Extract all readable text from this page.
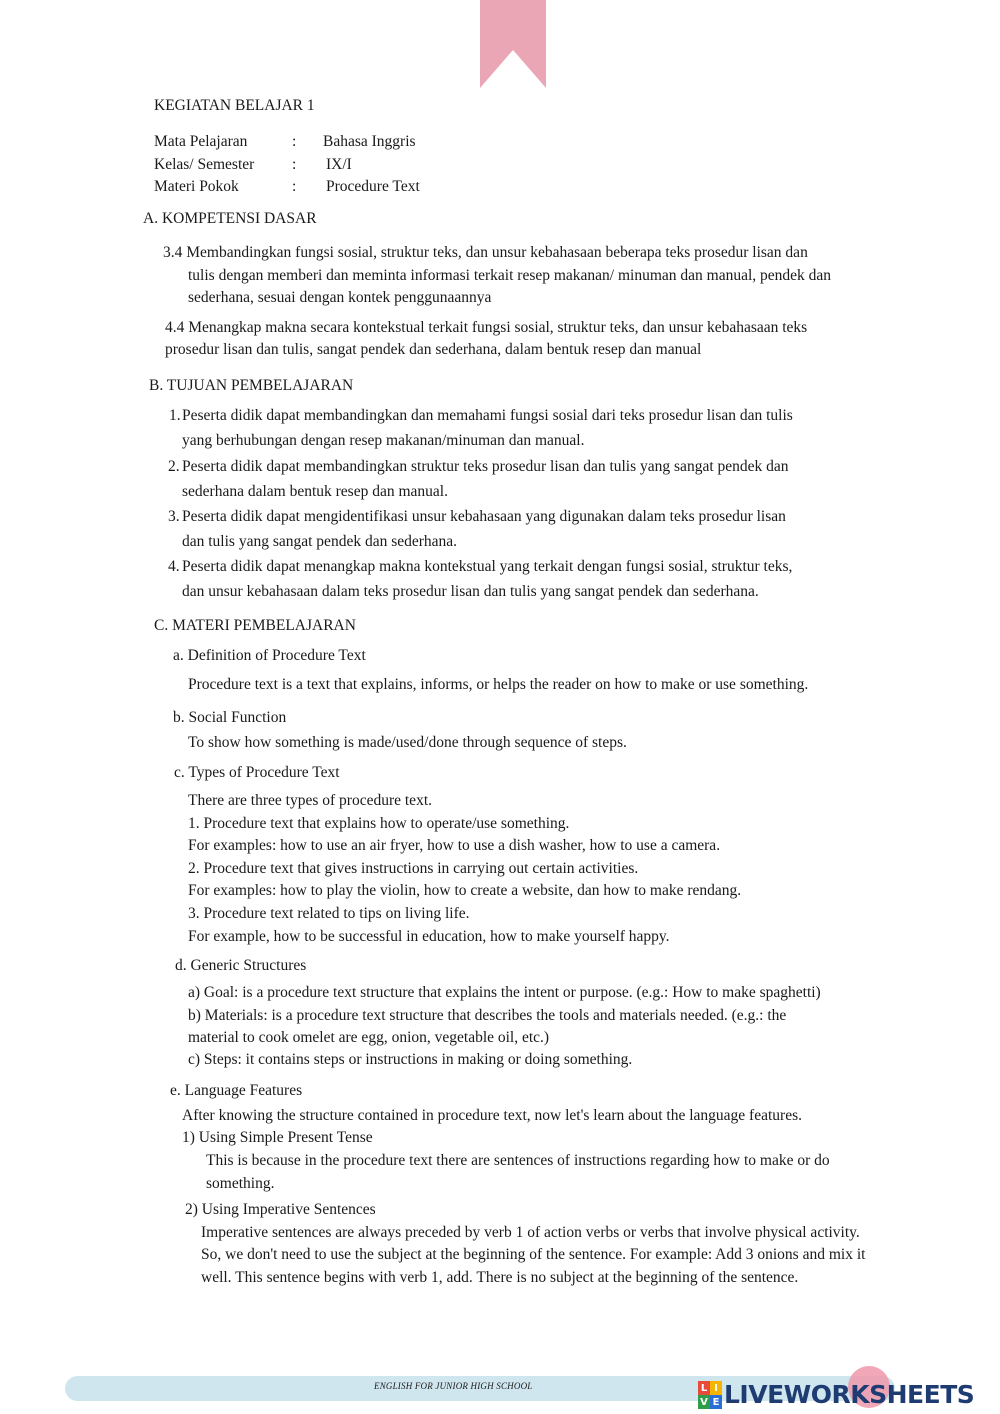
KEGIATAN BELAJAR 1
Mata Pelajaran	: Bahasa Inggris
Kelas/ Semester : IX/I
Materi Pokok	: Procedure Text
A. KOMPETENSI DASAR
3.4 Membandingkan fungsi sosial, struktur teks, dan unsur kebahasaan beberapa teks prosedur lisan dan
tulis dengan memberi dan meminta informasi terkait resep makanan/ minuman dan manual, pendek dan
sederhana, sesuai dengan kontek penggunaannya
4.4 Menangkap makna secara kontekstual terkait fungsi sosial, struktur teks, dan unsur kebahasaan teks
prosedur lisan dan tulis, sangat pendek dan sederhana, dalam bentuk resep dan manual
B. TUJUAN PEMBELAJARAN
1. Peserta didik dapat membandingkan dan memahami fungsi sosial dari teks prosedur lisan dan tulis
yang berhubungan dengan resep makanan/minuman dan manual.
2. Peserta didik dapat membandingkan struktur teks prosedur lisan dan tulis yang sangat pendek dan
sederhana dalam bentuk resep dan manual.
3. Peserta didik dapat mengidentifikasi unsur kebahasaan yang digunakan dalam teks prosedur lisan
dan tulis yang sangat pendek dan sederhana.
4. Peserta didik dapat menangkap makna kontekstual yang terkait dengan fungsi sosial, struktur teks,
dan unsur kebahasaan dalam teks prosedur lisan dan tulis yang sangat pendek dan sederhana.
C. MATERI PEMBELAJARAN
a. Definition of Procedure Text
Procedure text is a text that explains, informs, or helps the reader on how to make or use something.
b. Social Function
To show how something is made/used/done through sequence of steps.
c. Types of Procedure Text
There are three types of procedure text.
1. Procedure text that explains how to operate/use something.
For examples: how to use an air fryer, how to use a dish washer, how to use a camera.
2. Procedure text that gives instructions in carrying out certain activities.
For examples: how to play the violin, how to create a website, dan how to make rendang.
3. Procedure text related to tips on living life.
For example, how to be successful in education, how to make yourself happy.
d. Generic Structures
a) Goal: is a procedure text structure that explains the intent or purpose. (e.g.: How to make spaghetti)
b) Materials: is a procedure text structure that describes the tools and materials needed. (e.g.: the
material to cook omelet are egg, onion, vegetable oil, etc.)
c) Steps: it contains steps or instructions in making or doing something.
e. Language Features
After knowing the structure contained in procedure text, now let's learn about the language features.
1) Using Simple Present Tense
This is because in the procedure text there are sentences of instructions regarding how to make or do
something.
2) Using Imperative Sentences
Imperative sentences are always preceded by verb 1 of action verbs or verbs that involve physical activity.
So, we don't need to use the subject at the beginning of the sentence. For example: Add 3 onions and mix it
well. This sentence begins with verb 1, add. There is no subject at the beginning of the sentence.
ENGLISH FOR JUNIOR HIGH SCHOOL	L I
V E LIVEWORKSHEETS
